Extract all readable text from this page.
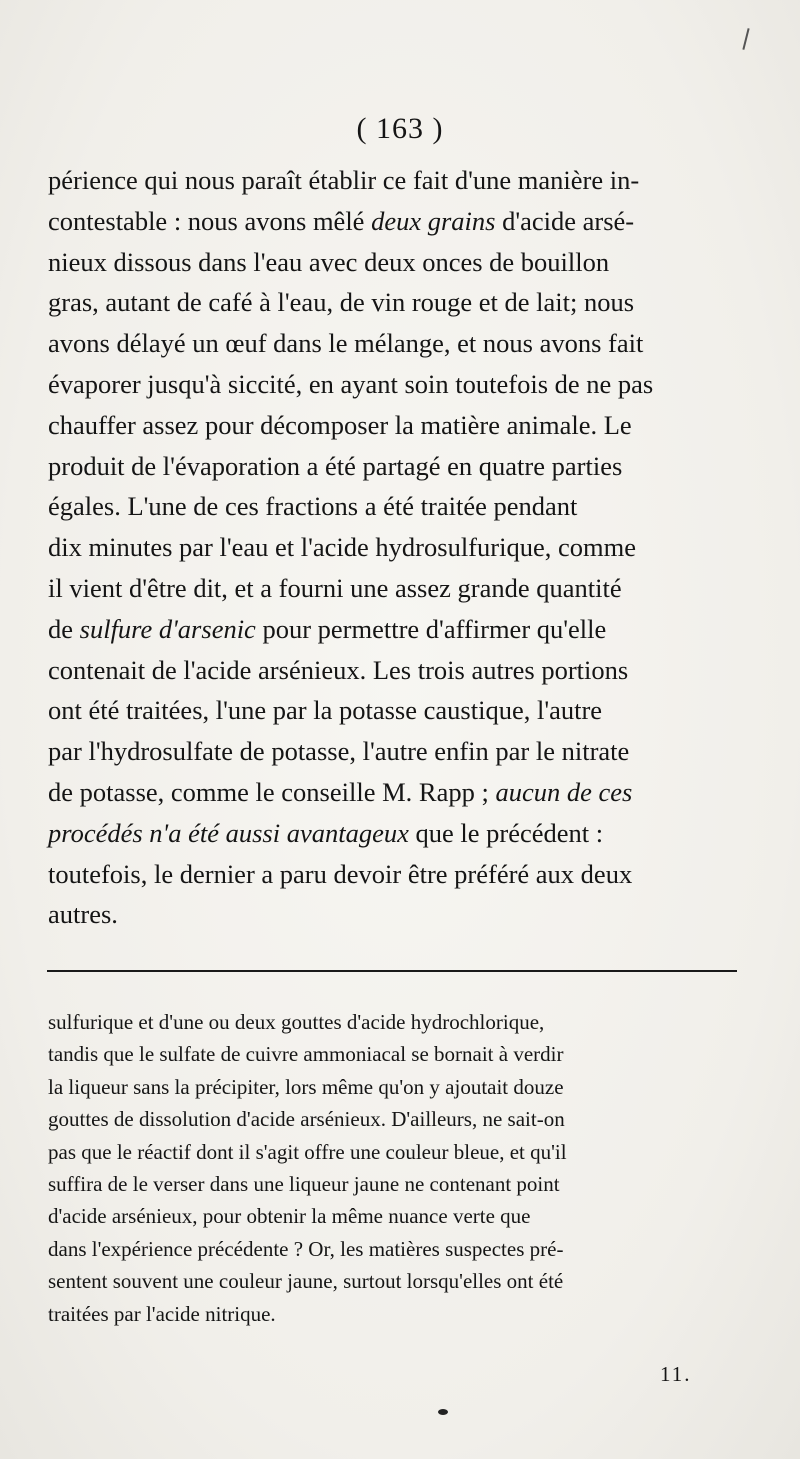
( 163 )
périence qui nous paraît établir ce fait d'une manière in-
contestable : nous avons mêlé deux grains d'acide arsé-
nieux dissous dans l'eau avec deux onces de bouillon
gras, autant de café à l'eau, de vin rouge et de lait; nous
avons délayé un œuf dans le mélange, et nous avons fait
évaporer jusqu'à siccité, en ayant soin toutefois de ne pas
chauffer assez pour décomposer la matière animale. Le
produit de l'évaporation a été partagé en quatre parties
égales. L'une de ces fractions a été traitée pendant
dix minutes par l'eau et l'acide hydrosulfurique, comme
il vient d'être dit, et a fourni une assez grande quantité
de sulfure d'arsenic pour permettre d'affirmer qu'elle
contenait de l'acide arsénieux. Les trois autres portions
ont été traitées, l'une par la potasse caustique, l'autre
par l'hydrosulfate de potasse, l'autre enfin par le nitrate
de potasse, comme le conseille M. Rapp ; aucun de ces
procédés n'a été aussi avantageux que le précédent :
toutefois, le dernier a paru devoir être préféré aux deux
autres.
sulfurique et d'une ou deux gouttes d'acide hydrochlorique,
tandis que le sulfate de cuivre ammoniacal se bornait à verdir
la liqueur sans la précipiter, lors même qu'on y ajoutait douze
gouttes de dissolution d'acide arsénieux. D'ailleurs, ne sait-on
pas que le réactif dont il s'agit offre une couleur bleue, et qu'il
suffira de le verser dans une liqueur jaune ne contenant point
d'acide arsénieux, pour obtenir la même nuance verte que
dans l'expérience précédente ? Or, les matières suspectes pré-
sentent souvent une couleur jaune, surtout lorsqu'elles ont été
traitées par l'acide nitrique.
11.
